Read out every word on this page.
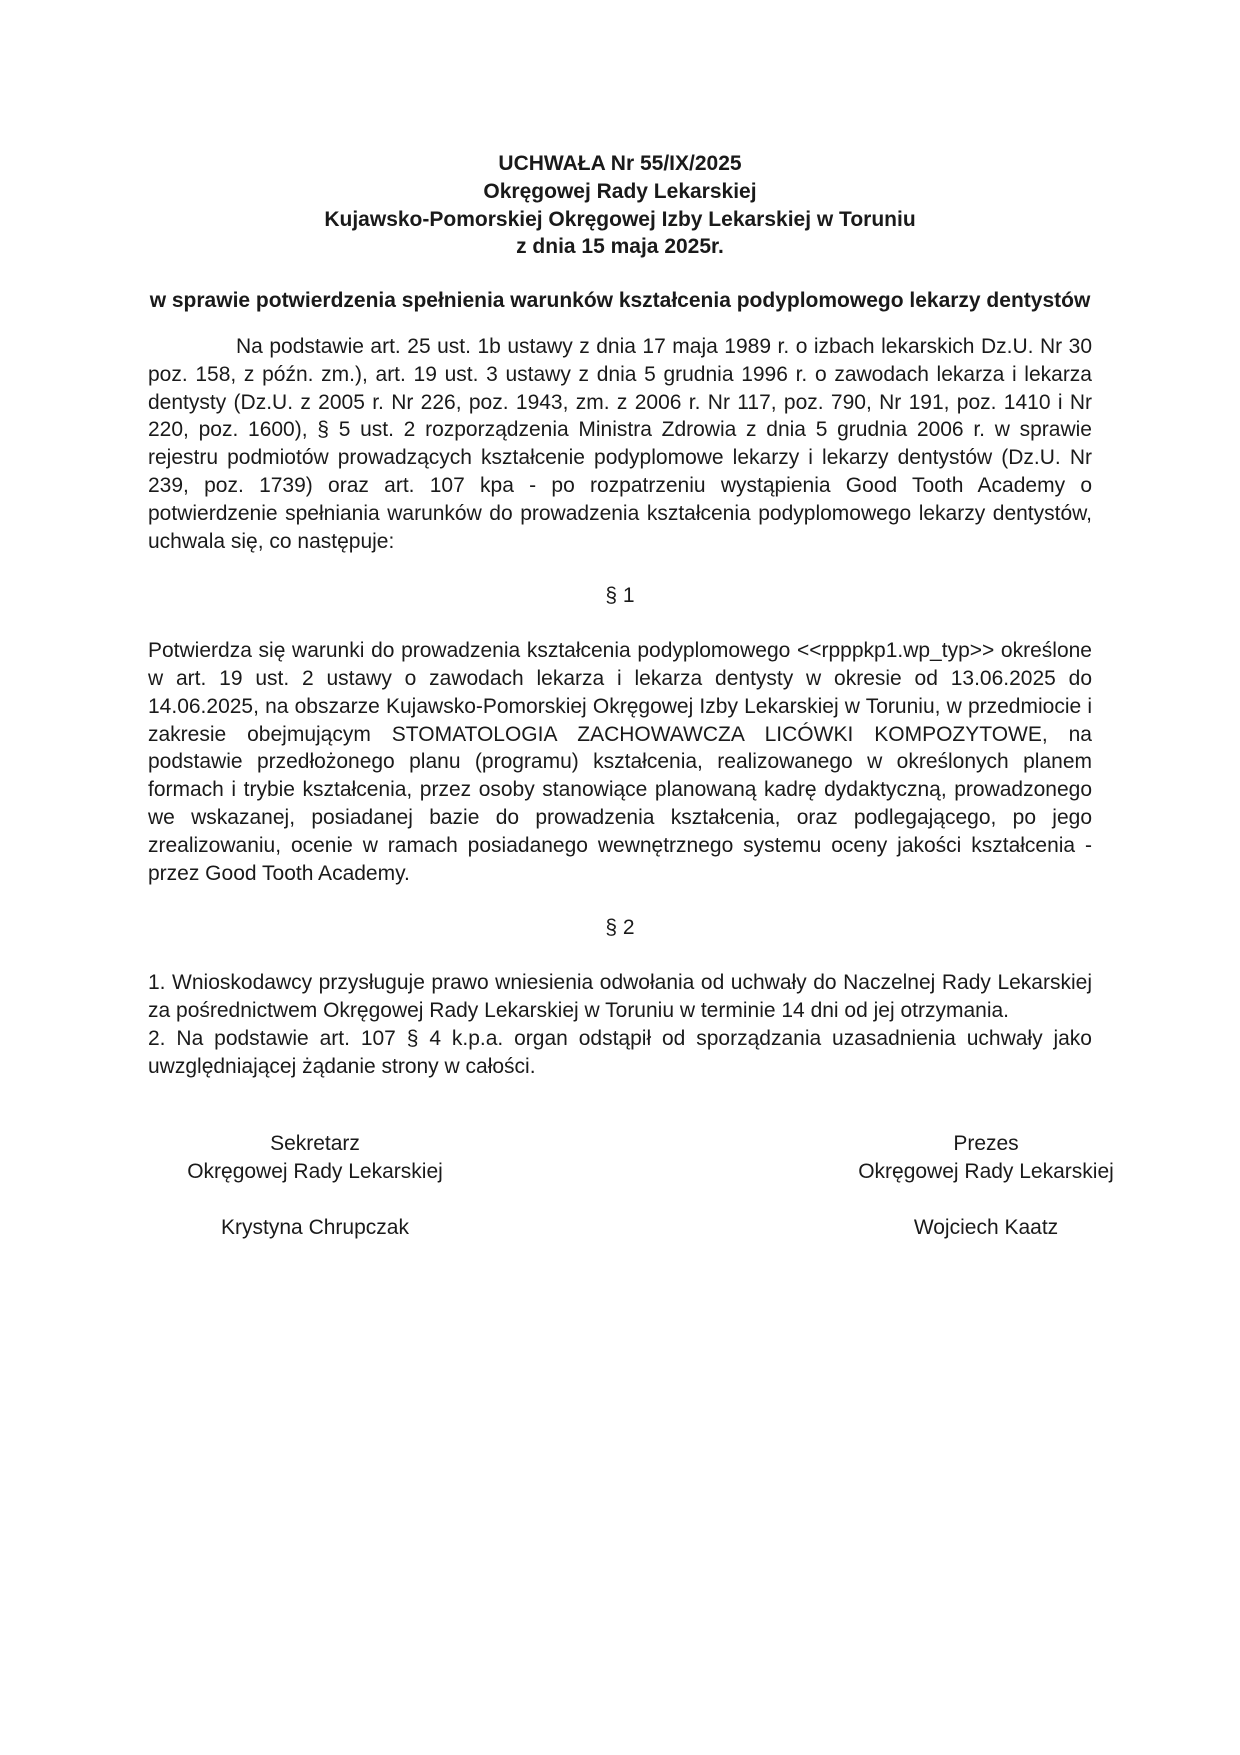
UCHWAŁA Nr 55/IX/2025
Okręgowej Rady Lekarskiej
Kujawsko-Pomorskiej Okręgowej Izby Lekarskiej w Toruniu
z dnia 15 maja 2025r.
w sprawie potwierdzenia spełnienia warunków kształcenia podyplomowego lekarzy dentystów
Na podstawie art. 25 ust. 1b ustawy z dnia 17 maja 1989 r. o izbach lekarskich Dz.U. Nr 30 poz. 158, z późn. zm.), art. 19 ust. 3 ustawy z dnia 5 grudnia 1996 r. o zawodach lekarza i lekarza dentysty (Dz.U. z 2005 r. Nr 226, poz. 1943, zm. z 2006 r. Nr 117, poz. 790, Nr 191, poz. 1410 i Nr 220, poz. 1600), § 5 ust. 2 rozporządzenia Ministra Zdrowia z dnia 5 grudnia 2006 r. w sprawie rejestru podmiotów prowadzących kształcenie podyplomowe lekarzy i lekarzy dentystów (Dz.U. Nr 239, poz. 1739) oraz art. 107 kpa - po rozpatrzeniu wystąpienia Good Tooth Academy o potwierdzenie spełniania warunków do prowadzenia kształcenia podyplomowego lekarzy dentystów, uchwala się, co następuje:
§ 1
Potwierdza się warunki do prowadzenia kształcenia podyplomowego <<rpppkp1.wp_typ>> określone w art. 19 ust. 2 ustawy o zawodach lekarza i lekarza dentysty w okresie od 13.06.2025 do 14.06.2025, na obszarze Kujawsko-Pomorskiej Okręgowej Izby Lekarskiej w Toruniu, w przedmiocie i zakresie obejmującym STOMATOLOGIA ZACHOWAWCZA LICÓWKI KOMPOZYTOWE, na podstawie przedłożonego planu (programu) kształcenia, realizowanego w określonych planem formach i trybie kształcenia, przez osoby stanowiące planowaną kadrę dydaktyczną, prowadzonego we wskazanej, posiadanej bazie do prowadzenia kształcenia, oraz podlegającego, po jego zrealizowaniu, ocenie w ramach posiadanego wewnętrznego systemu oceny jakości kształcenia - przez Good Tooth Academy.
§ 2
1. Wnioskodawcy przysługuje prawo wniesienia odwołania od uchwały do Naczelnej Rady Lekarskiej za pośrednictwem Okręgowej Rady Lekarskiej w Toruniu w terminie 14 dni od jej otrzymania.
2. Na podstawie art. 107 § 4 k.p.a. organ odstąpił od sporządzania uzasadnienia uchwały jako uwzględniającej żądanie strony w całości.
Sekretarz
Okręgowej Rady Lekarskiej
Krystyna Chrupczak
Prezes
Okręgowej Rady Lekarskiej
Wojciech Kaatz
